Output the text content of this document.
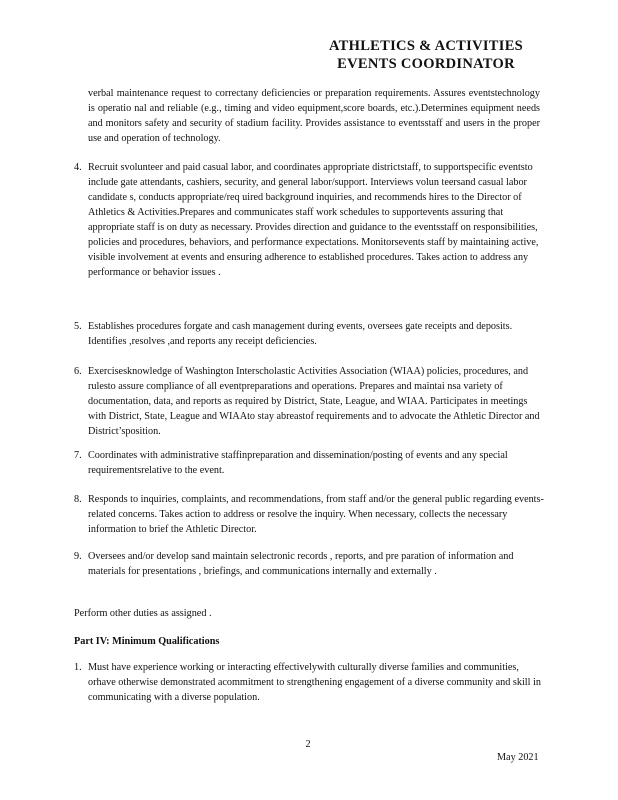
ATHLETICS & ACTIVITIES
EVENTS COORDINATOR

verbal maintenance request to correctany deficiencies or preparation requirements. Assures eventstechnology is operatio nal and reliable (e.g., timing and video equipment,score boards, etc.).Determines equipment needs and monitors safety and security of stadium facility. Provides assistance to eventsstaff and users in the proper use and operation of technology.

4. Recruit svolunteer and paid casual labor, and coordinates appropriate districtstaff, to supportspecific eventsto include gate attendants, cashiers, security, and general labor/support. Interviews volun teersand casual labor candidate s, conducts appropriate/req uired background inquiries, and recommends hires to the Director of Athletics & Activities.Prepares and communicates staff work schedules to supportevents assuring that appropriate staff is on duty as necessary. Provides direction and guidance to the eventsstaff on responsibilities, policies and procedures, behaviors, and performance expectations. Monitorsevents staff by maintaining active, visible involvement at events and ensuring adherence to established procedures. Takes action to address any performance or behavior issues .

5. Establishes procedures forgate and cash management during events, oversees gate receipts and deposits. Identifies ,resolves ,and reports any receipt deficiencies.

6. Exercisesknowledge of Washington Interscholastic Activities Association (WIAA) policies, procedures, and rulesto assure compliance of all eventpreparations and operations. Prepares and maintai nsa variety of documentation, data, and reports as required by District, State, League, and WIAA. Participates in meetings with District, State, League and WIAAto stay abreastof requirements and to advocate the Athletic Director and District’sposition.

7. Coordinates with administrative staffinpreparation and dissemination/posting of events and any special requirementsrelative to the event.

8. Responds to inquiries, complaints, and recommendations, from staff and/or the general public regarding events-related concerns. Takes action to address or resolve the inquiry. When necessary, collects the necessary information to brief the Athletic Director.

9. Oversees and/or develop sand maintain selectronic records , reports, and pre paration of information and materials for presentations , briefings, and communications internally and externally .

Perform other duties as assigned .

Part IV: Minimum Qualifications

1. Must have experience working or interacting effectivelywith culturally diverse families and communities, orhave otherwise demonstrated acommitment to strengthening engagement of a diverse community and skill in communicating with a diverse population.

2
May 2021
